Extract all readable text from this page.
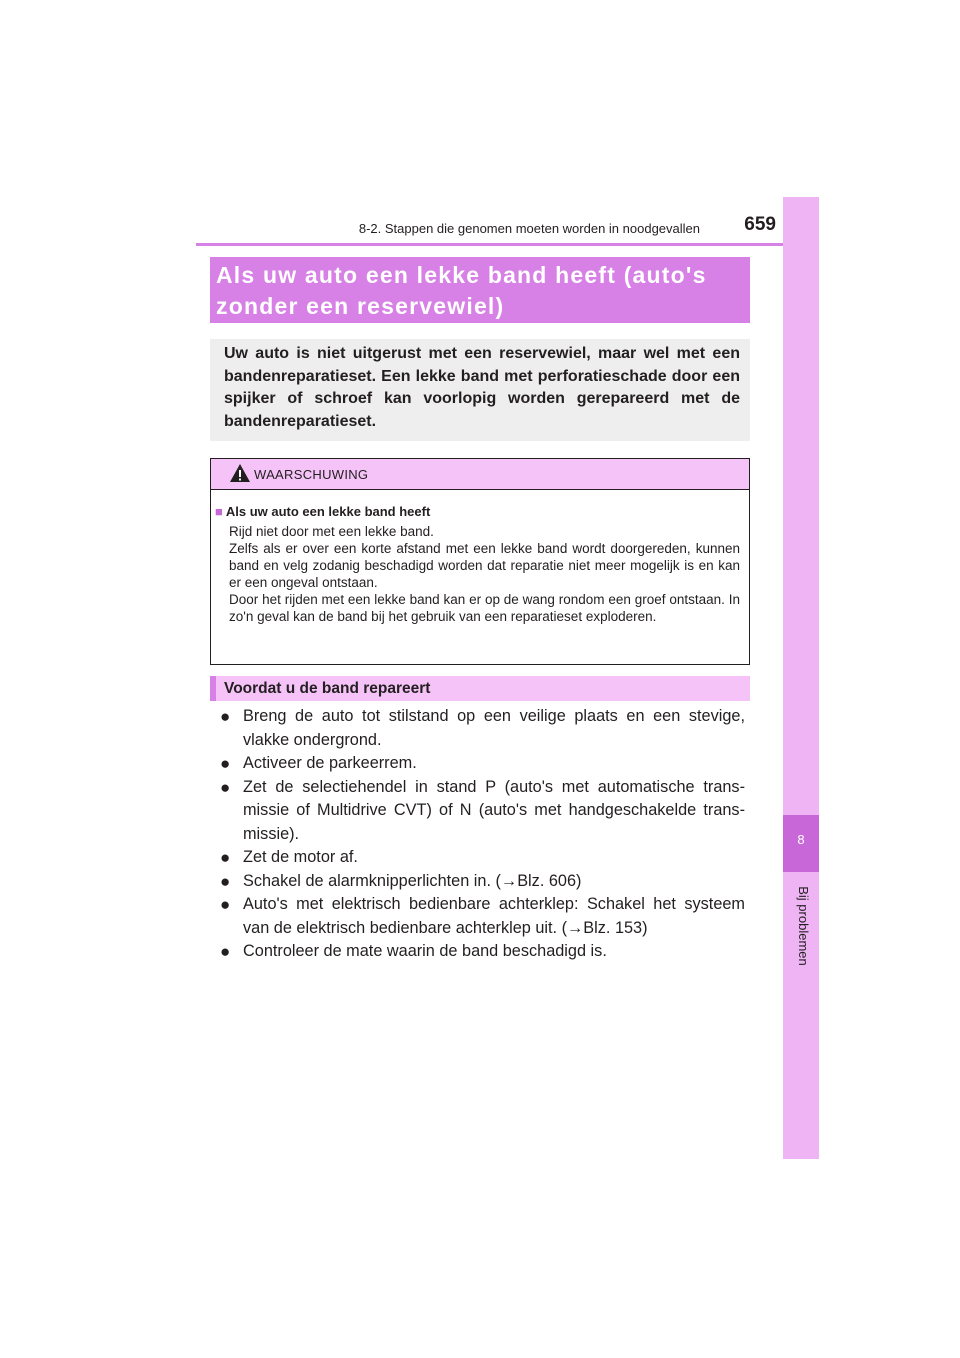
8-2. Stappen die genomen moeten worden in noodgevallen	659
8
Bij problemen
Als uw auto een lekke band heeft (auto's
zonder een reservewiel)
Uw auto is niet uitgerust met een reservewiel, maar wel met een bandenreparatieset. Een lekke band met perforatieschade door een spijker of schroef kan voorlopig worden gerepareerd met de bandenreparatieset.
WAARSCHUWING
■ Als uw auto een lekke band heeft

Rijd niet door met een lekke band.

Zelfs als er over een korte afstand met een lekke band wordt doorgereden, kunnen band en velg zodanig beschadigd worden dat reparatie niet meer mogelijk is en kan er een ongeval ontstaan.

Door het rijden met een lekke band kan er op de wang rondom een groef ontstaan. In zo'n geval kan de band bij het gebruik van een reparatieset exploderen.

Voordat u de band repareert
● Breng de auto tot stilstand op een veilige plaats en een stevige, vlakke ondergrond.
● Activeer de parkeerrem.
● Zet de selectiehendel in stand P (auto's met automatische transmissie of Multidrive CVT) of N (auto's met handgeschakelde transmissie).
● Zet de motor af.
● Schakel de alarmknipperlichten in. (→Blz. 606)
● Auto's met elektrisch bedienbare achterklep: Schakel het systeem van de elektrisch bedienbare achterklep uit. (→Blz. 153)
● Controleer de mate waarin de band beschadigd is.
